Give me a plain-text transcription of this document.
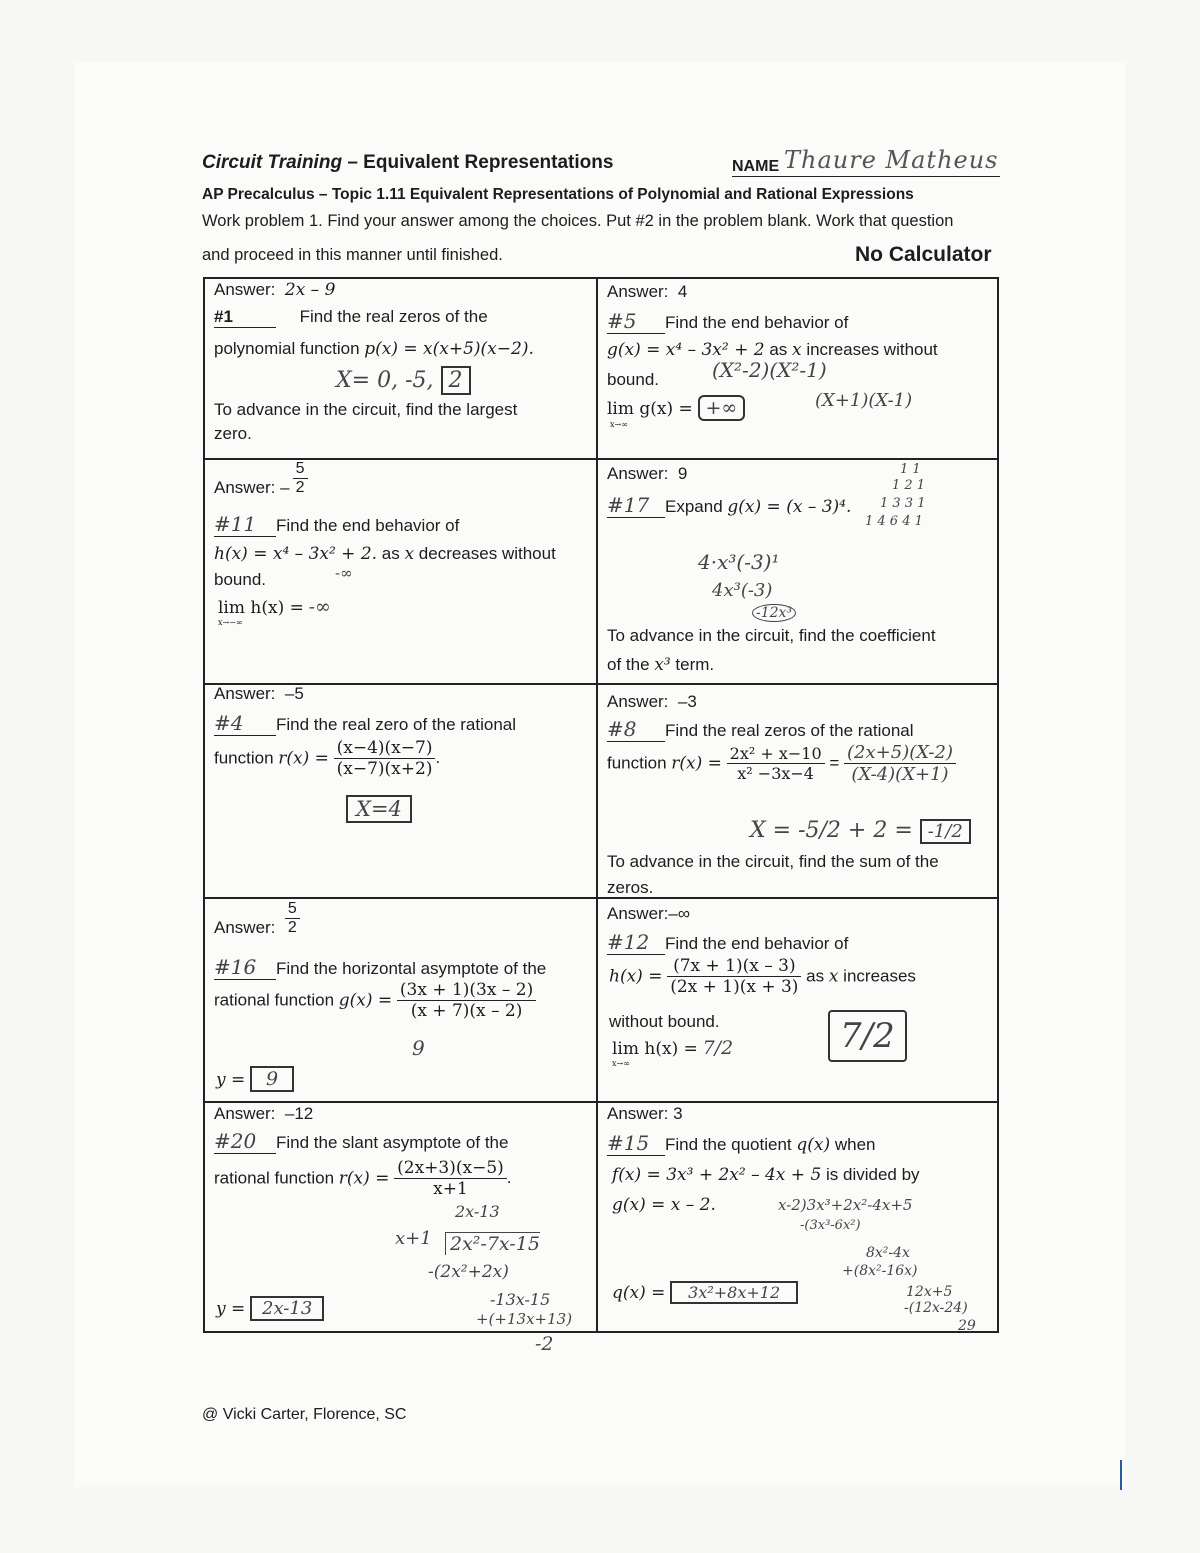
Circuit Training – Equivalent Representations	NAME Thaure Matheus
AP Precalculus – Topic 1.11 Equivalent Representations of Polynomial and Rational Expressions
Work problem 1. Find your answer among the choices. Put #2 in the problem blank. Work that question
and proceed in this manner until finished.	No Calculator
Answer: 2x – 9
#1	Find the real zeros of the
polynomial function p(x) = x(x+5)(x−2).
X= 0, -5, 2
To advance in the circuit, find the largest
zero.
Answer: 4
#5 Find the end behavior of
g(x) = x⁴ – 3x² + 2 as x increases without
bound.	(X²-2)(X²-1)
(X+1)(X-1)
lim g(x) = +∞
x→∞
Answer: – $\frac{5}{2}$
#11 Find the end behavior of
h(x) = x⁴ – 3x² + 2. as x decreases without
bound.	-∞
lim h(x) = -∞
x→−∞
Answer: 9
#17 Expand g(x) = (x – 3)⁴.
1 1
1 2 1
1 3 3 1
1 4 6 4 1
4·x³(-3)¹
4x³(-3)
-12x³
To advance in the circuit, find the coefficient
of the x³ term.
Answer: –5
#4 Find the real zero of the rational
function $r(x) = \frac{(x-4)(x-7)}{(x-7)(x+2)}$ .
X=4
Answer: –3
#8 Find the real zeros of the rational
function $r(x) = \frac{\text{2x² + x−10}}{\text{x² −3x−4}} = \frac{(2x+5)(X-2)}{(X-4)(X+1)}$
X = -5/2 + 2 = -1/2
To advance in the circuit, find the sum of the
zeros.
Answer: $\frac{5}{2}$
#16 Find the horizontal asymptote of the
rational function $g(x) = \frac{(3x + 1)(3x - 2)}{(x + 7)(x - 2)}$
9
y = 9
Answer:–∞
#12 Find the end behavior of
$h(x) = \frac{(7x + 1)(x - 3)}{(2x + 1)(x + 3)}$ as x increases
without bound.
lim h(x) = 7/2
x→∞
7/2
Answer: –12
#20 Find the slant asymptote of the
rational function $r(x) = \frac{(2x+3)(x-5)}{x+1}$ .
2x-13
x+1 2x²-7x-15
-(2x²+2x)
-13x-15
+(+13x+13)
-2
y = 2x-13
Answer: 3
#15 Find the quotient q(x) when
f(x) = 3x³ + 2x² – 4x + 5 is divided by
g(x) = x – 2.	x-2)3x³+2x²-4x+5
-(3x³-6x²)
8x²-4x
+(8x²-16x)
12x+5
-(12x-24)
29
q(x) = 3x²+8x+12
@ Vicki Carter, Florence, SC
